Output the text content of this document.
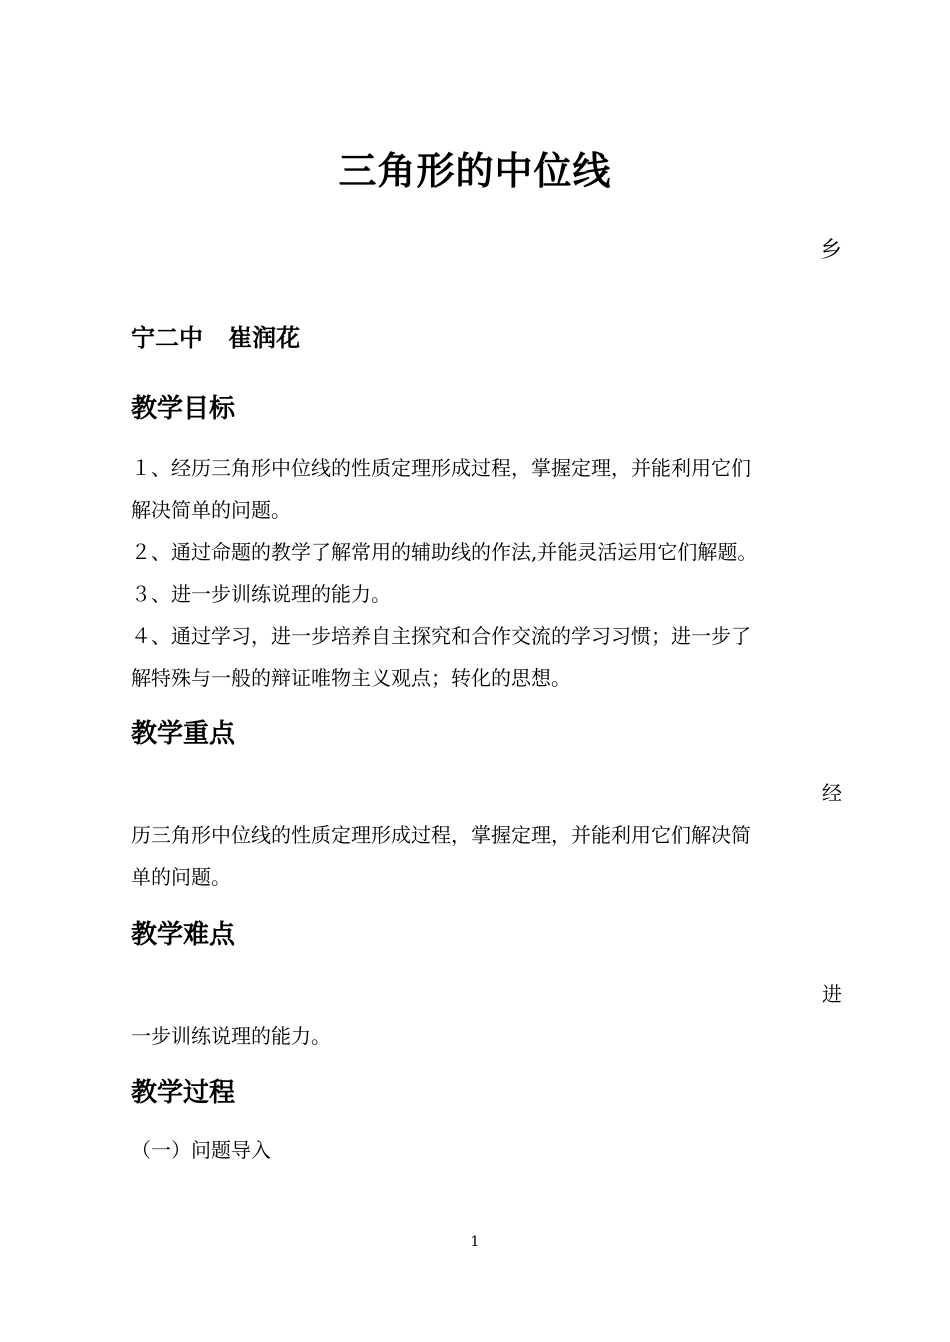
三角形的中位线
乡
宁二中   崔润花
教学目标
１、经历三角形中位线的性质定理形成过程，掌握定理，并能利用它们
解决简单的问题。
２、通过命题的教学了解常用的辅助线的作法,并能灵活运用它们解题。
３、进一步训练说理的能力。
４、通过学习，进一步培养自主探究和合作交流的学习习惯；进一步了
解特殊与一般的辩证唯物主义观点；转化的思想。
教学重点
经
历三角形中位线的性质定理形成过程，掌握定理，并能利用它们解决简
单的问题。
教学难点
进
一步训练说理的能力。
教学过程
（一）问题导入
1
